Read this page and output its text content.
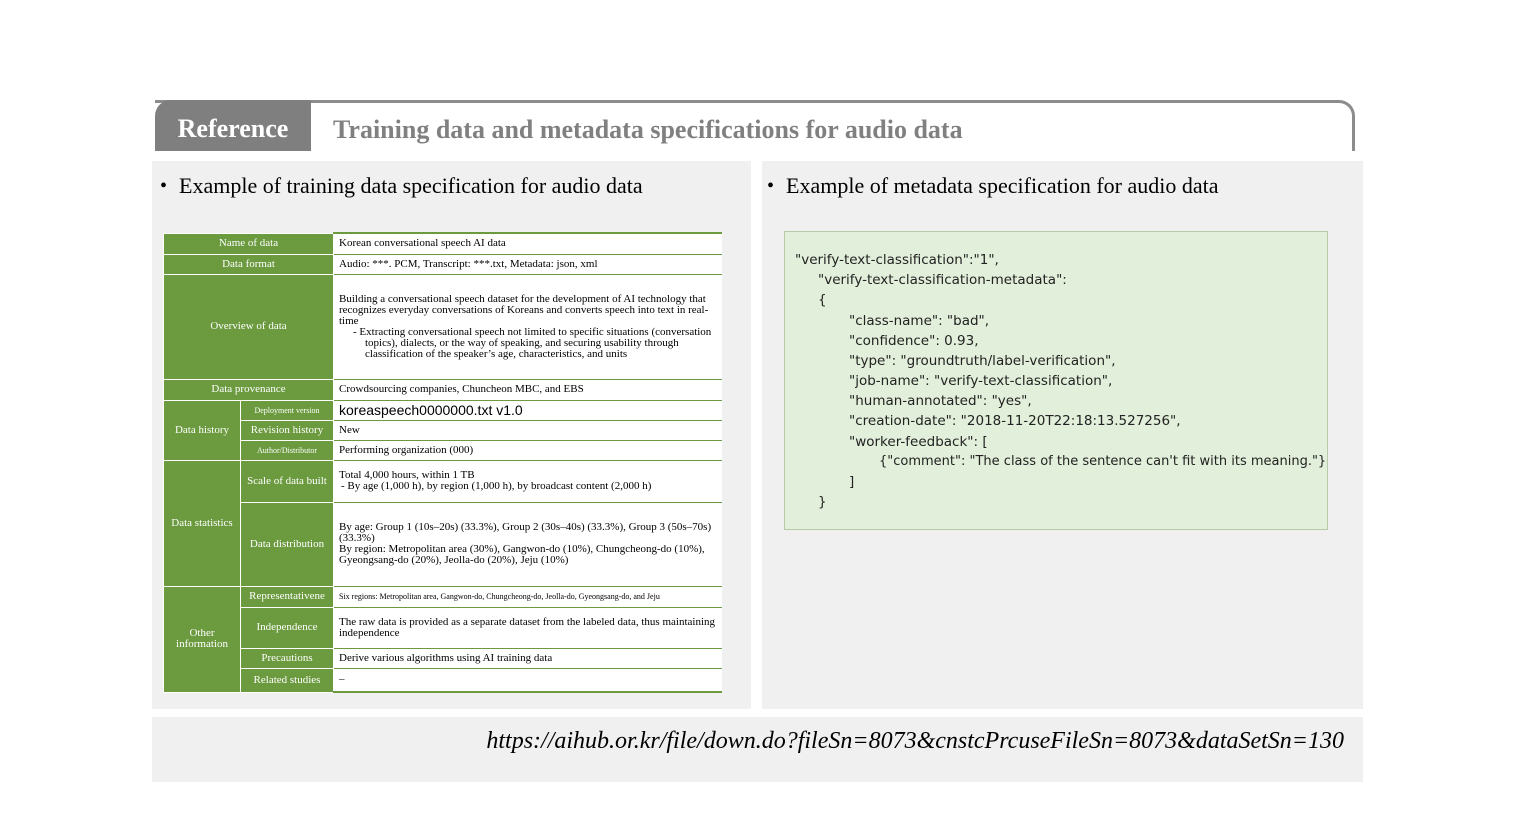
Reference	Training data and metadata specifications for audio data
• Example of training data specification for audio data	• Example of metadata specification for audio data
Name of data		Korean conversational speech AI data
Data format		Audio: ***. PCM, Transcript: ***.txt, Metadata: json, xml
Overview of data		Building a conversational speech dataset for the development of AI technology that recognizes everyday conversations of Koreans and converts speech into text in real-time
- Extracting conversational speech not limited to specific situations (conversation topics), dialects, or the way of speaking, and securing usability through classification of the speaker’s age, characteristics, and units

Data provenance		Crowdsourcing companies, Chuncheon MBC, and EBS
Data history	Deployment version	koreaspeech0000000.txt v1.0
	Revision history	New
	Author/Distributor	Performing organization (000)
Data statistics	Scale of data built	Total 4,000 hours, within 1 TB
- By age (1,000 h), by region (1,000 h), by broadcast content (2,000 h)

	Data distribution	By age: Group 1 (10s–20s) (33.3%), Group 2 (30s–40s) (33.3%), Group 3 (50s–70s) (33.3%)
By region: Metropolitan area (30%), Gangwon-do (10%), Chungcheong-do (10%), Gyeongsang-do (20%), Jeolla-do (20%), Jeju (10%)

Other information	Representativene	Six regions: Metropolitan area, Gangwon-do, Chungcheong-do, Jeolla-do, Gyeongsang-do, and Jeju
	Independence	The raw data is provided as a separate dataset from the labeled data, thus maintaining independence
	Precautions	Derive various algorithms using AI training data
	Related studies	–
"verify-text-classification":"1",
"verify-text-classification-metadata":
{
"class-name": "bad",
"confidence": 0.93,
"type": "groundtruth/label-verification",
"job-name": "verify-text-classification",
"human-annotated": "yes",
"creation-date": "2018-11-20T22:18:13.527256",
"worker-feedback": [
{"comment": "The class of the sentence can't fit with its meaning."}
]
}
https://aihub.or.kr/file/down.do?fileSn=8073&cnstcPrcuseFileSn=8073&dataSetSn=130
